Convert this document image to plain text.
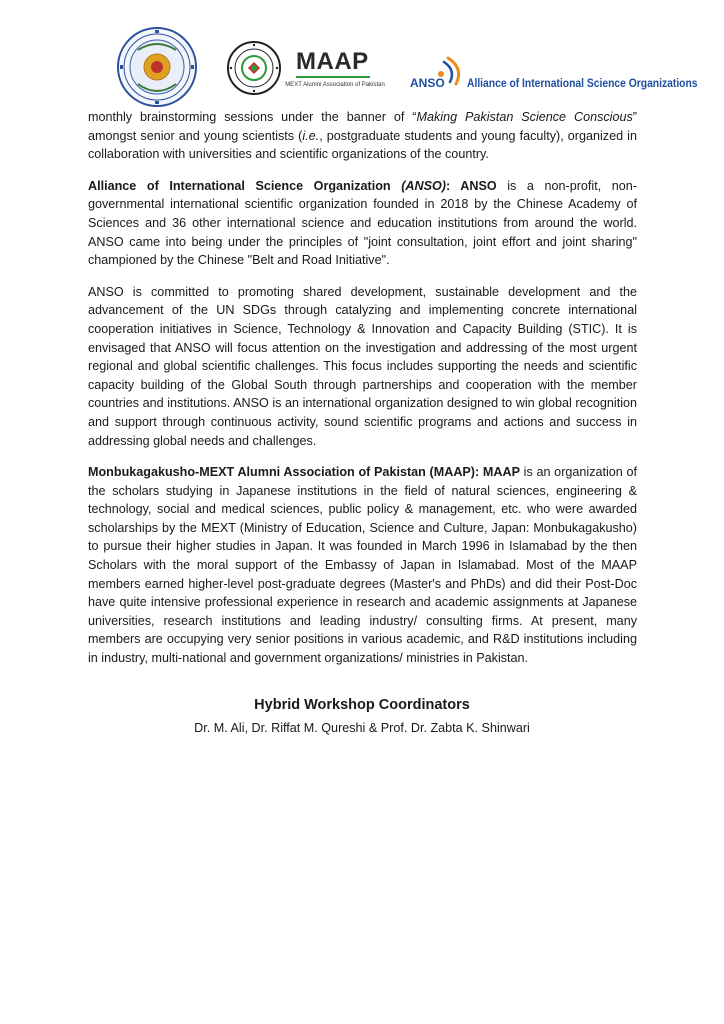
MAAP
MEXT Alumni Association of Pakistan	ANSO Alliance of International Science Organizations

monthly brainstorming sessions under the banner of “Making Pakistan Science Conscious” amongst senior and young scientists (i.e., postgraduate students and young faculty), organized in collaboration with universities and scientific organizations of the country.

Alliance of International Science Organization (ANSO): ANSO is a non-profit, non-governmental international scientific organization founded in 2018 by the Chinese Academy of Sciences and 36 other international science and education institutions from around the world. ANSO came into being under the principles of "joint consultation, joint effort and joint sharing" championed by the Chinese "Belt and Road Initiative".

ANSO is committed to promoting shared development, sustainable development and the advancement of the UN SDGs through catalyzing and implementing concrete international cooperation initiatives in Science, Technology & Innovation and Capacity Building (STIC). It is envisaged that ANSO will focus attention on the investigation and addressing of the most urgent regional and global scientific challenges. This focus includes supporting the needs and scientific capacity building of the Global South through partnerships and cooperation with the member countries and institutions. ANSO is an international organization designed to win global recognition and support through continuous activity, sound scientific programs and actions and success in addressing global needs and challenges.

Monbukagakusho-MEXT Alumni Association of Pakistan (MAAP): MAAP is an organization of the scholars studying in Japanese institutions in the field of natural sciences, engineering & technology, social and medical sciences, public policy & management, etc. who were awarded scholarships by the MEXT (Ministry of Education, Science and Culture, Japan: Monbukagakusho) to pursue their higher studies in Japan. It was founded in March 1996 in Islamabad by the then Scholars with the moral support of the Embassy of Japan in Islamabad. Most of the MAAP members earned higher-level post-graduate degrees (Master's and PhDs) and did their Post-Doc have quite intensive professional experience in research and academic assignments at Japanese universities, research institutions and leading industry/ consulting firms. At present, many members are occupying very senior positions in various academic, and R&D institutions including in industry, multi-national and government organizations/ ministries in Pakistan.

Hybrid Workshop Coordinators
Dr. M. Ali, Dr. Riffat M. Qureshi & Prof. Dr. Zabta K. Shinwari
